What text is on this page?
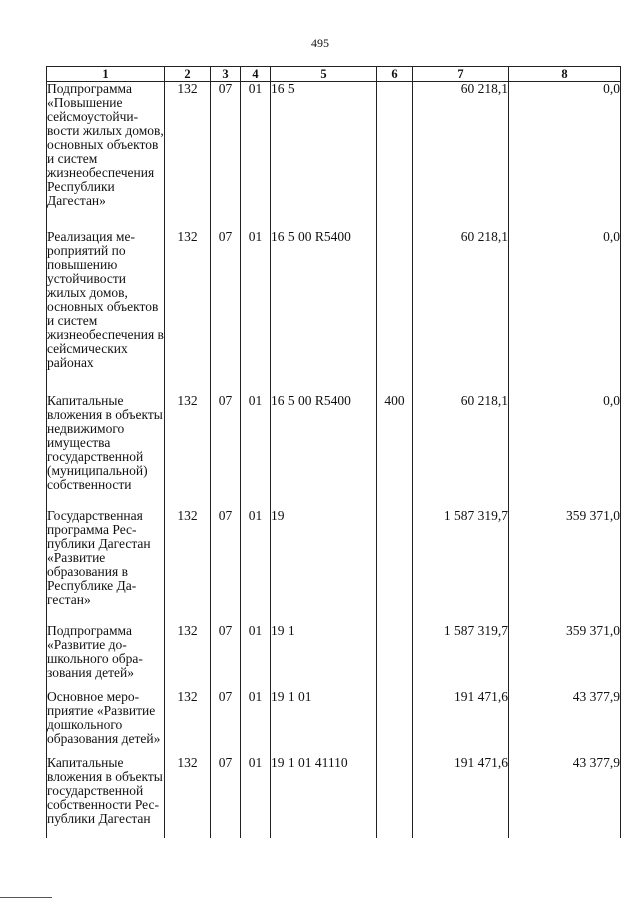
495
1	2	3	4	5	6	7	8
Подпрограмма «Повышение сейсмоустойчивости жилых домов, основных объектов и систем жизнеобеспечения Республики Дагестан»	132	07	01	16 5		60 218,1	0,0
Реализация мероприятий по повышению устойчивости жилых домов, основных объектов и систем жизнеобеспечения в сейсмических районах	132	07	01	16 5 00 R5400		60 218,1	0,0
Капитальные вложения в объекты недвижимого имущества государственной (муниципальной) собственности	132	07	01	16 5 00 R5400	400	60 218,1	0,0
Государственная программа Республики Дагестан «Развитие образования в Республике Дагестан»	132	07	01	19		1 587 319,7	359 371,0
Подпрограмма «Развитие дошкольного образования детей»	132	07	01	19 1		1 587 319,7	359 371,0
Основное мероприятие «Развитие дошкольного образования детей»	132	07	01	19 1 01		191 471,6	43 377,9
Капитальные вложения в объекты государственной собственности Республики Дагестан	132	07	01	19 1 01 41110		191 471,6	43 377,9
